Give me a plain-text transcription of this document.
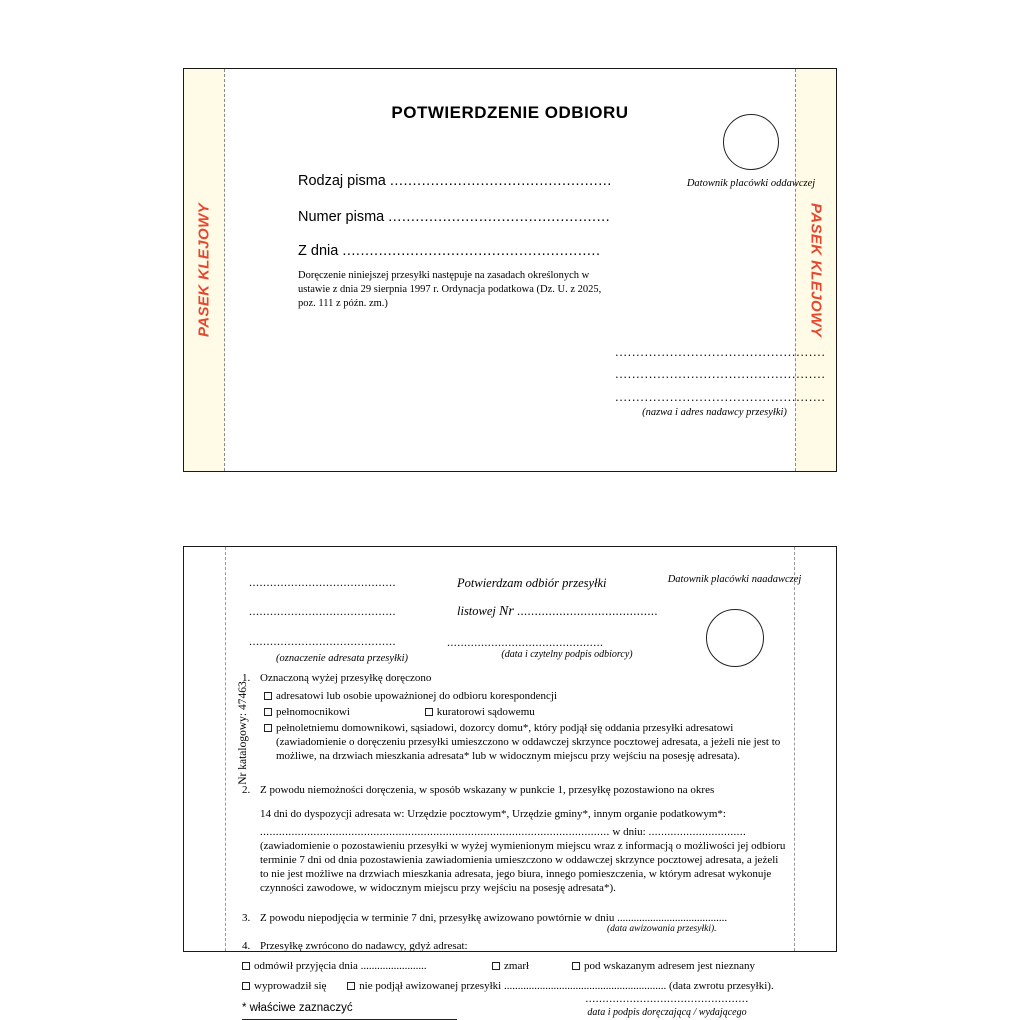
PASEK KLEJOWY	PASEK KLEJOWY
POTWIERDZENIE ODBIORU
Rodzaj pisma .................................................
Numer pisma .................................................
Z dnia .........................................................
Doręczenie niniejszej przesyłki następuje na zasadach określonych w ustawie z dnia 29 sierpnia 1997 r. Ordynacja podatkowa (Dz. U. z 2025, poz. 111 z późn. zm.)
Datownik placówki oddawczej
..................................................
..................................................
..................................................
(nazwa i adres nadawcy przesyłki)
Nr katalogowy: 47463
..........................................
..........................................
..........................................
(oznaczenie adresata przesyłki)
Potwierdzam odbiór przesyłki
listowej Nr ........................................
..............................................
(data i czytelny podpis odbiorcy)
Datownik placówki naadawczej
1. Oznaczoną wyżej przesyłkę doręczono
adresatowi lub osobie upoważnionej do odbioru korespondencji
pełnomocnikowi	kuratorowi sądowemu
pełnoletniemu domownikowi, sąsiadowi, dozorcy domu*, który podjął się oddania przesyłki adresatowi
(zawiadomienie o doręczeniu przesyłki umieszczono w oddawczej skrzynce pocztowej adresata, a jeżeli nie jest to możliwe, na drzwiach mieszkania adresata* lub w widocznym miejscu przy wejściu na posesję adresata).
2. Z powodu niemożności doręczenia, w sposób wskazany w punkcie 1, przesyłkę pozostawiono na okres
14 dni do dyspozycji adresata w: Urzędzie pocztowym*, Urzędzie gminy*, innym organie podatkowym*:
............................................................................................................... w dniu: ...............................
(zawiadomienie o pozostawieniu przesyłki w wyżej wymienionym miejscu wraz z informacją o możliwości jej odbioru terminie 7 dni od dnia pozostawienia zawiadomienia umieszczono w oddawczej skrzynce pocztowej adresata, a jeżeli to nie jest możliwe na drzwiach mieszkania adresata, jego biura, innego pomieszczenia, w którym adresat wykonuje czynności zawodowe, w widocznym miejscu przy wejściu na posesję adresata*).
3. Z powodu niepodjęcia w terminie 7 dni, przesyłkę awizowano powtórnie w dniu ........................................
(data awizowania przesyłki).
4. Przesyłkę zwrócono do nadawcy, gdyż adresat:
odmówił przyjęcia dnia ........................	zmarł	pod wskazanym adresem jest nieznany
wyprowadził się	nie podjął awizowanej przesyłki ........................................................... (data zwrotu przesyłki).
* właściwe zaznaczyć
................................................
data i podpis doręczającą / wydającego
